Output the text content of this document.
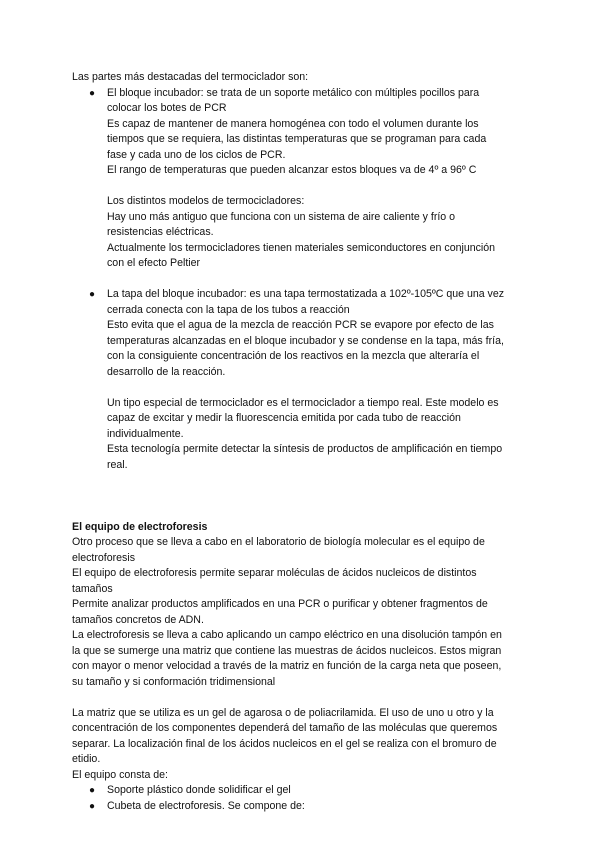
Las partes más destacadas del termociclador son:

● El bloque incubador: se trata de un soporte metálico con múltiples pocillos para

colocar los botes de PCR

Es capaz de mantener de manera homogénea con todo el volumen durante los

tiempos que se requiera, las distintas temperaturas que se programan para cada

fase y cada uno de los ciclos de PCR.

El rango de temperaturas que pueden alcanzar estos bloques va de 4º a 96º C

Los distintos modelos de termocicladores:

Hay uno más antiguo que funciona con un sistema de aire caliente y frío o

resistencias eléctricas.

Actualmente los termocicladores tienen materiales semiconductores en conjunción

con el efecto Peltier

● La tapa del bloque incubador: es una tapa termostatizada a 102º-105ºC que una vez

cerrada conecta con la tapa de los tubos a reacción

Esto evita que el agua de la mezcla de reacción PCR se evapore por efecto de las

temperaturas alcanzadas en el bloque incubador y se condense en la tapa, más fría,

con la consiguiente concentración de los reactivos en la mezcla que alteraría el

desarrollo de la reacción.

Un tipo especial de termociclador es el termociclador a tiempo real. Este modelo es

capaz de excitar y medir la fluorescencia emitida por cada tubo de reacción

individualmente.

Esta tecnología permite detectar la síntesis de productos de amplificación en tiempo

real.

El equipo de electroforesis

Otro proceso que se lleva a cabo en el laboratorio de biología molecular es el equipo de

electroforesis

El equipo de electroforesis permite separar moléculas de ácidos nucleicos de distintos

tamaños

Permite analizar productos amplificados en una PCR o purificar y obtener fragmentos de

tamaños concretos de ADN.

La electroforesis se lleva a cabo aplicando un campo eléctrico en una disolución tampón en

la que se sumerge una matriz que contiene las muestras de ácidos nucleicos. Estos migran

con mayor o menor velocidad a través de la matriz en función de la carga neta que poseen,

su tamaño y si conformación tridimensional

La matriz que se utiliza es un gel de agarosa o de poliacrilamida. El uso de uno u otro y la

concentración de los componentes dependerá del tamaño de las moléculas que queremos

separar. La localización final de los ácidos nucleicos en el gel se realiza con el bromuro de

etidio.

El equipo consta de:

● Soporte plástico donde solidificar el gel

● Cubeta de electroforesis. Se compone de:
